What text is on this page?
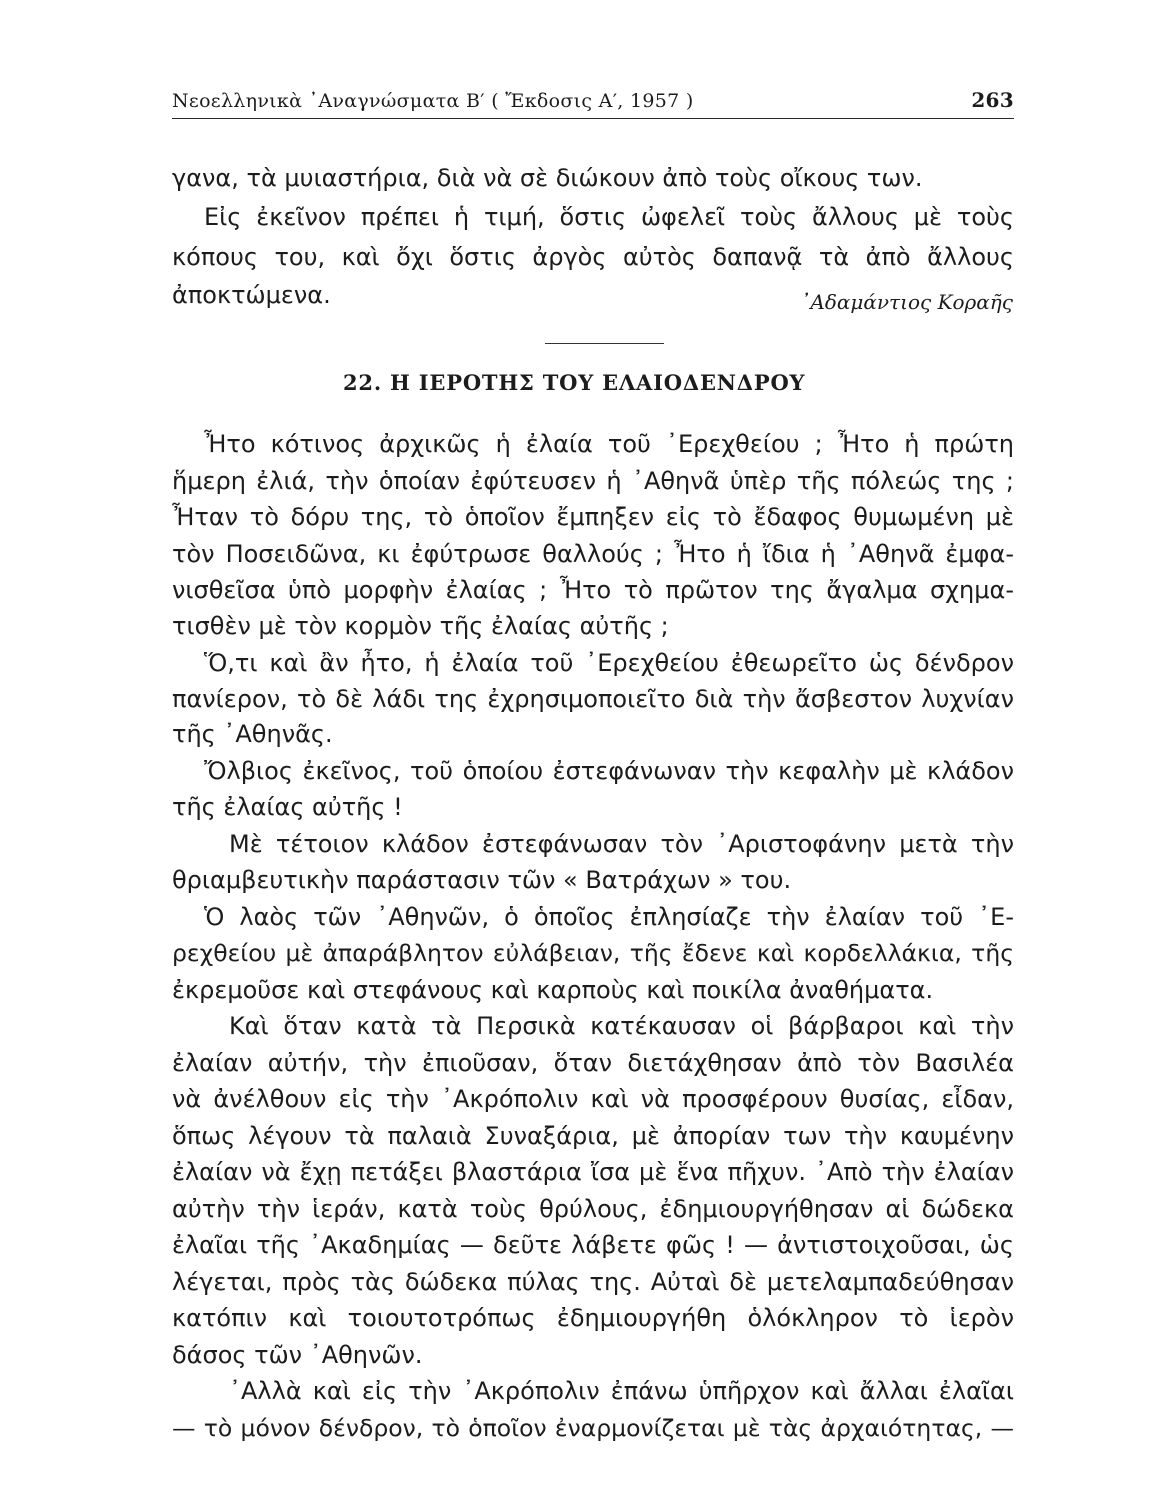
Νεοελληνικὰ ᾿Αναγνώσματα Β′ ( Ἔκδοσις Α′, 1957 )	263

γανα, τὰ μυιαστήρια, διὰ νὰ σὲ διώκουν ἀπὸ τοὺς οἴκους των.

Εἰς ἐκεῖνον πρέπει ἡ τιμή, ὅστις ὠφελεῖ τοὺς ἄλλους μὲ τοὺς

κόπους του, καὶ ὄχι ὅστις ἀργὸς αὐτὸς δαπανᾷ τὰ ἀπὸ ἄλλους

ἀποκτώμενα.	᾿Αδαμάντιος Κοραῆς
22. Η ΙΕΡΟΤΗΣ ΤΟΥ ΕΛΑΙΟΔΕΝΔΡΟΥ

Ἦτο κότινος ἀρχικῶς ἡ ἐλαία τοῦ ᾿Ερεχθείου ; Ἦτο ἡ πρώτη

ἥμερη ἐλιά, τὴν ὁποίαν ἐφύτευσεν ἡ ᾿Αθηνᾶ ὑπὲρ τῆς πόλεώς της ;

Ἦταν τὸ δόρυ της, τὸ ὁποῖον ἔμπηξεν εἰς τὸ ἔδαφος θυμωμένη μὲ

τὸν Ποσειδῶνα, κι ἐφύτρωσε θαλλούς ; Ἦτο ἡ ἴδια ἡ ᾿Αθηνᾶ ἐμφα-

νισθεῖσα ὑπὸ μορφὴν ἐλαίας ; Ἦτο τὸ πρῶτον της ἄγαλμα σχημα-

τισθὲν μὲ τὸν κορμὸν τῆς ἐλαίας αὐτῆς ;

Ὅ,τι καὶ ἂν ἦτο, ἡ ἐλαία τοῦ ᾿Ερεχθείου ἐθεωρεῖτο ὡς δένδρον

πανίερον, τὸ δὲ λάδι της ἐχρησιμοποιεῖτο διὰ τὴν ἄσβεστον λυχνίαν

τῆς ᾿Αθηνᾶς.

Ὄλβιος ἐκεῖνος, τοῦ ὁποίου ἐστεφάνωναν τὴν κεφαλὴν μὲ κλάδον

τῆς ἐλαίας αὐτῆς !

Μὲ τέτοιον κλάδον ἐστεφάνωσαν τὸν ᾿Αριστοφάνην μετὰ τὴν

θριαμβευτικὴν παράστασιν τῶν « Βατράχων » του.

Ὁ λαὸς τῶν ᾿Αθηνῶν, ὁ ὁποῖος ἐπλησίαζε τὴν ἐλαίαν τοῦ ᾿Ε-

ρεχθείου μὲ ἀπαράβλητον εὐλάβειαν, τῆς ἔδενε καὶ κορδελλάκια, τῆς

ἐκρεμοῦσε καὶ στεφάνους καὶ καρποὺς καὶ ποικίλα ἀναθήματα.

Καὶ ὅταν κατὰ τὰ Περσικὰ κατέκαυσαν οἱ βάρβαροι καὶ τὴν

ἐλαίαν αὐτήν, τὴν ἐπιοῦσαν, ὅταν διετάχθησαν ἀπὸ τὸν Βασιλέα

νὰ ἀνέλθουν εἰς τὴν ᾿Ακρόπολιν καὶ νὰ προσφέρουν θυσίας, εἶδαν,

ὅπως λέγουν τὰ παλαιὰ Συναξάρια, μὲ ἀπορίαν των τὴν καυμένην

ἐλαίαν νὰ ἔχῃ πετάξει βλαστάρια ἴσα μὲ ἕνα πῆχυν. ᾿Απὸ τὴν ἐλαίαν

αὐτὴν τὴν ἱεράν, κατὰ τοὺς θρύλους, ἐδημιουργήθησαν αἱ δώδεκα

ἐλαῖαι τῆς ᾿Ακαδημίας — δεῦτε λάβετε φῶς ! — ἀντιστοιχοῦσαι, ὡς

λέγεται, πρὸς τὰς δώδεκα πύλας της. Αὐταὶ δὲ μετελαμπαδεύθησαν

κατόπιν καὶ τοιουτοτρόπως ἐδημιουργήθη ὁλόκληρον τὸ ἱερὸν

δάσος τῶν ᾿Αθηνῶν.

᾿Αλλὰ καὶ εἰς τὴν ᾿Ακρόπολιν ἐπάνω ὑπῆρχον καὶ ἄλλαι ἐλαῖαι

— τὸ μόνον δένδρον, τὸ ὁποῖον ἐναρμονίζεται μὲ τὰς ἀρχαιότητας, —
